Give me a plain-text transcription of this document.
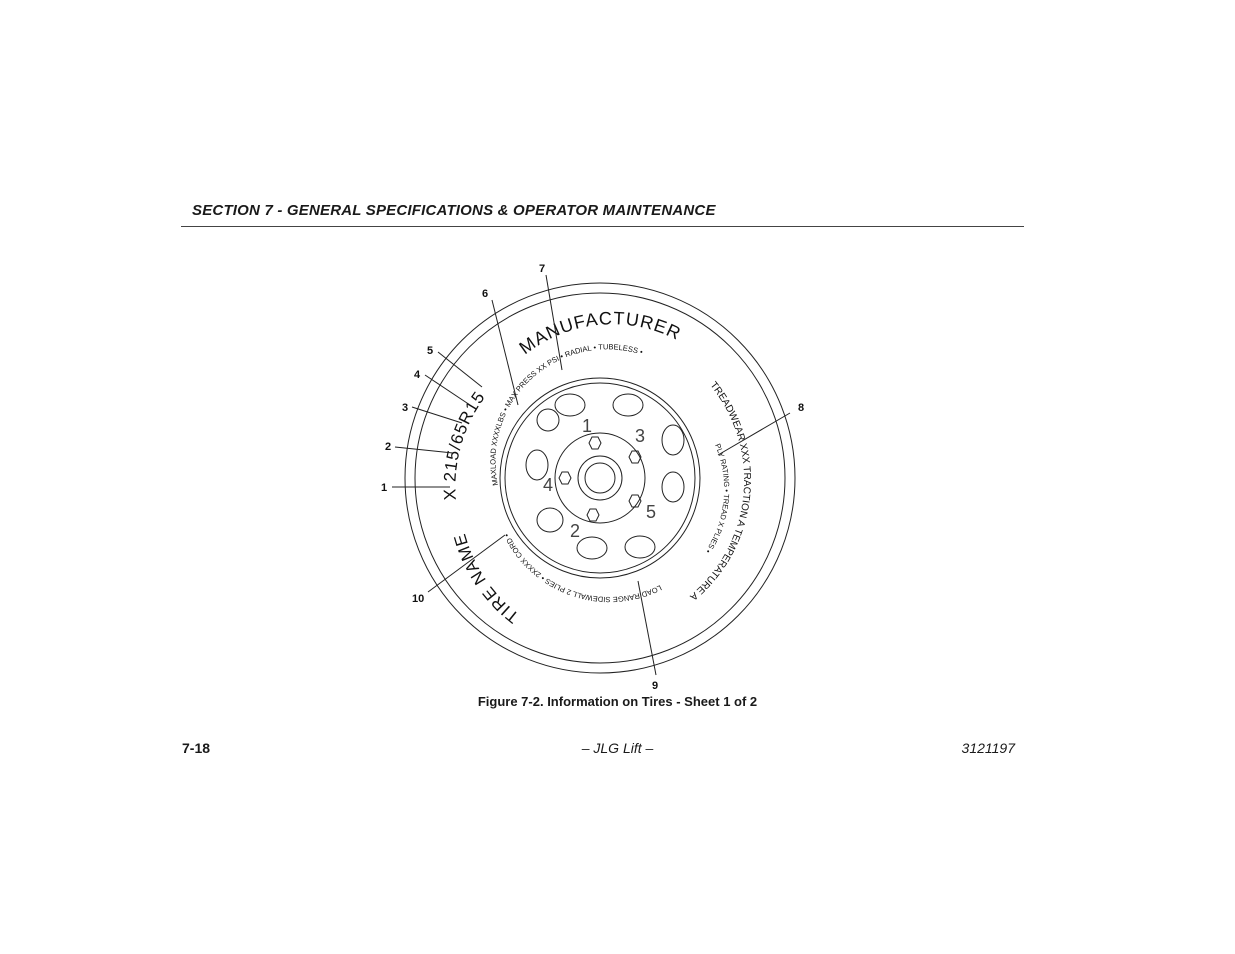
SECTION 7 - GENERAL SPECIFICATIONS & OPERATOR MAINTENANCE
1 3
4
5
2
MANUFACTURER
X 215/65R15
TIRE NAME
MAXLOAD XXXXLBS • MAX PRESS XX PSI • RADIAL • TUBELESS •
PLY RATING • TREAD X PLIES •
LOAD RANGE SIDEWALL 2 PLIES • 2XXXX CORD •
TREADWEAR XXX TRACTION A TEMPERATURE A
1
2
3
4
5
6
7
8
9
10
Figure 7-2. Information on Tires - Sheet 1 of 2
7-18	– JLG Lift –	3121197
